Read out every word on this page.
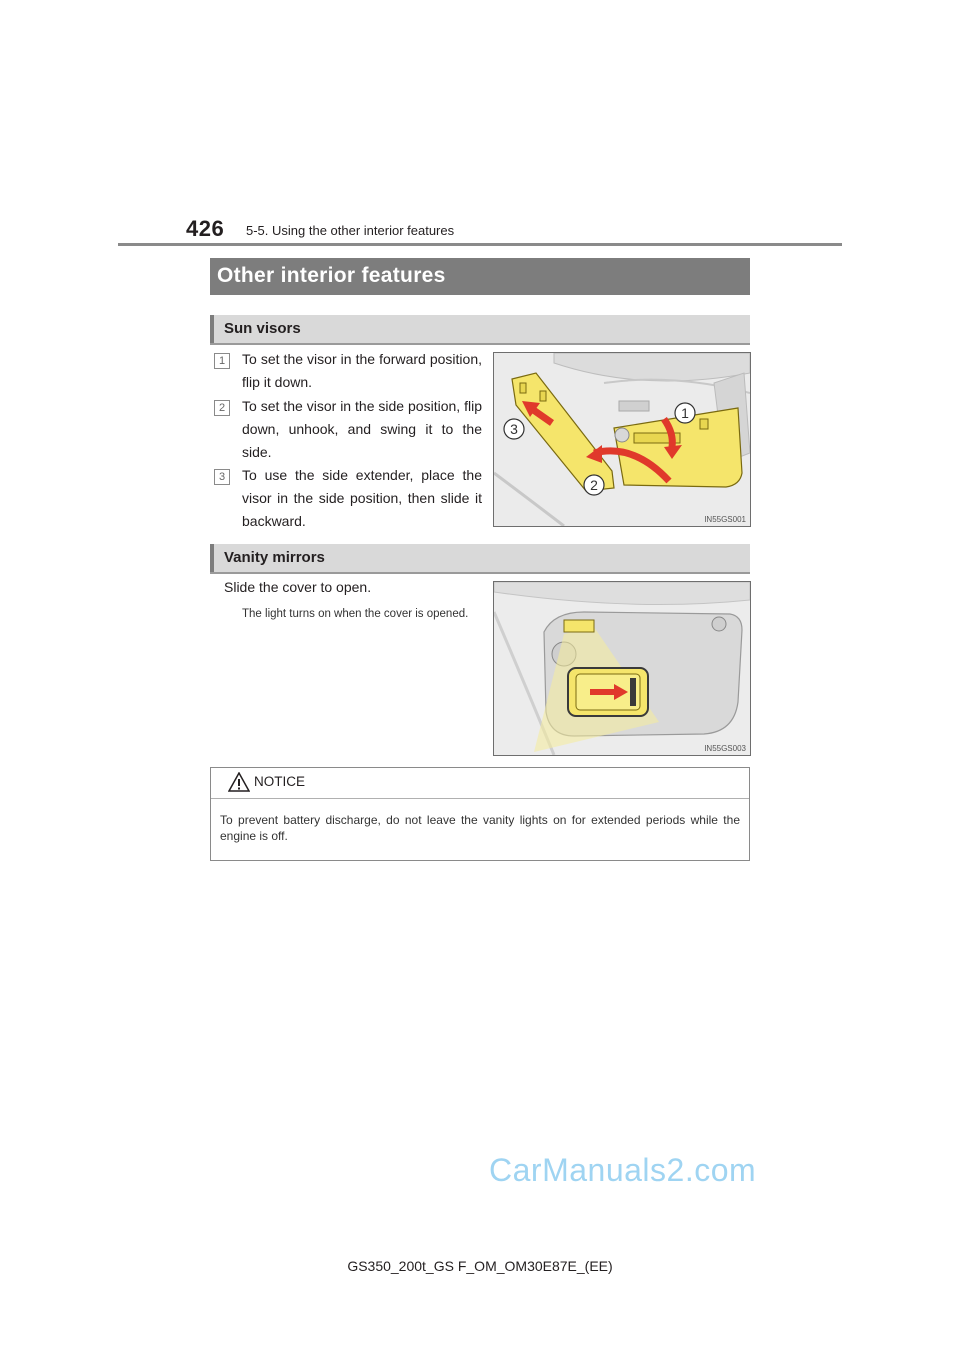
426 5-5. Using the other interior features
Other interior features
Sun visors
1	To set the visor in the forward position, flip it down.
2	To set the visor in the side position, flip down, unhook, and swing it to the side.
3	To use the side extender, place the visor in the side position, then slide it backward.
1
2
3
IN55GS001
Vanity mirrors
Slide the cover to open.
The light turns on when the cover is opened.
IN55GS003
NOTICE
To prevent battery discharge, do not leave the vanity lights on for extended periods while the engine is off.
CarManuals2.com
GS350_200t_GS F_OM_OM30E87E_(EE)
